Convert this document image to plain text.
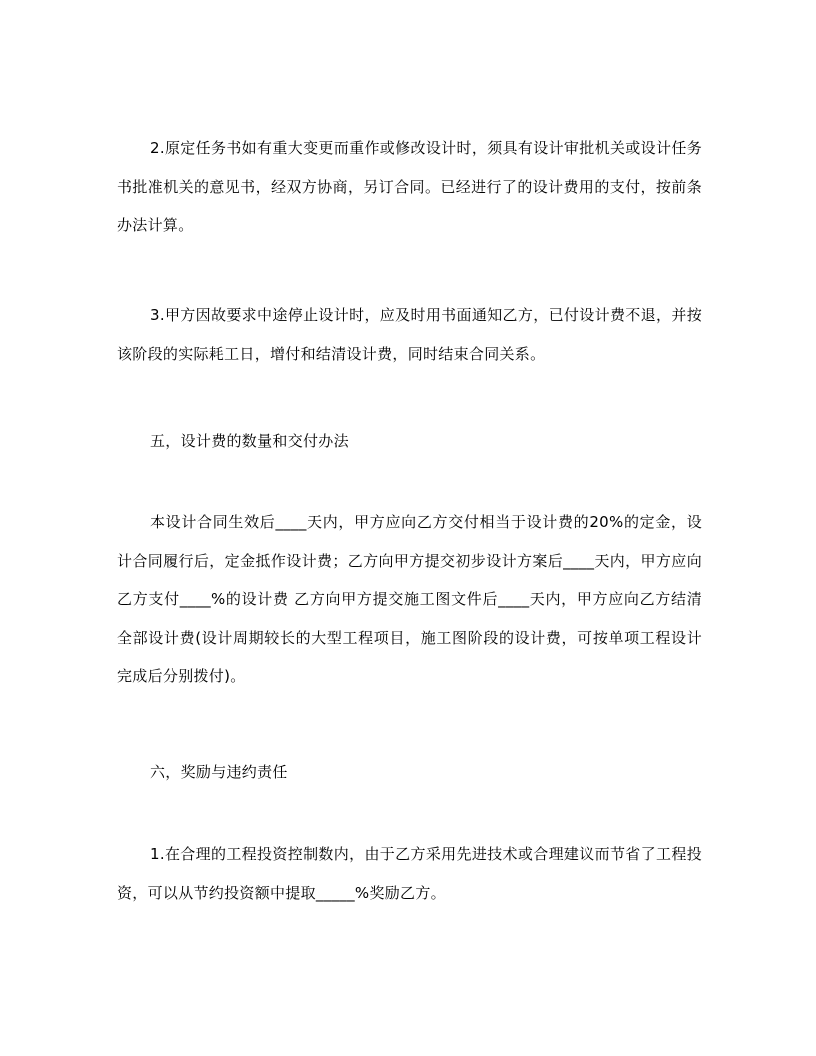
2.原定任务书如有重大变更而重作或修改设计时，须具有设计审批机关或设计任务书批准机关的意见书，经双方协商，另订合同。已经进行了的设计费用的支付，按前条办法计算。

3.甲方因故要求中途停止设计时，应及时用书面通知乙方，已付设计费不退，并按该阶段的实际耗工日，增付和结清设计费，同时结束合同关系。

五，设计费的数量和交付办法

本设计合同生效后____天内，甲方应向乙方交付相当于设计费的20%的定金，设计合同履行后，定金抵作设计费；乙方向甲方提交初步设计方案后____天内，甲方应向乙方支付____%的设计费 乙方向甲方提交施工图文件后____天内，甲方应向乙方结清全部设计费(设计周期较长的大型工程项目，施工图阶段的设计费，可按单项工程设计完成后分别拨付)。

六，奖励与违约责任

1.在合理的工程投资控制数内，由于乙方采用先进技术或合理建议而节省了工程投资，可以从节约投资额中提取_____%奖励乙方。
